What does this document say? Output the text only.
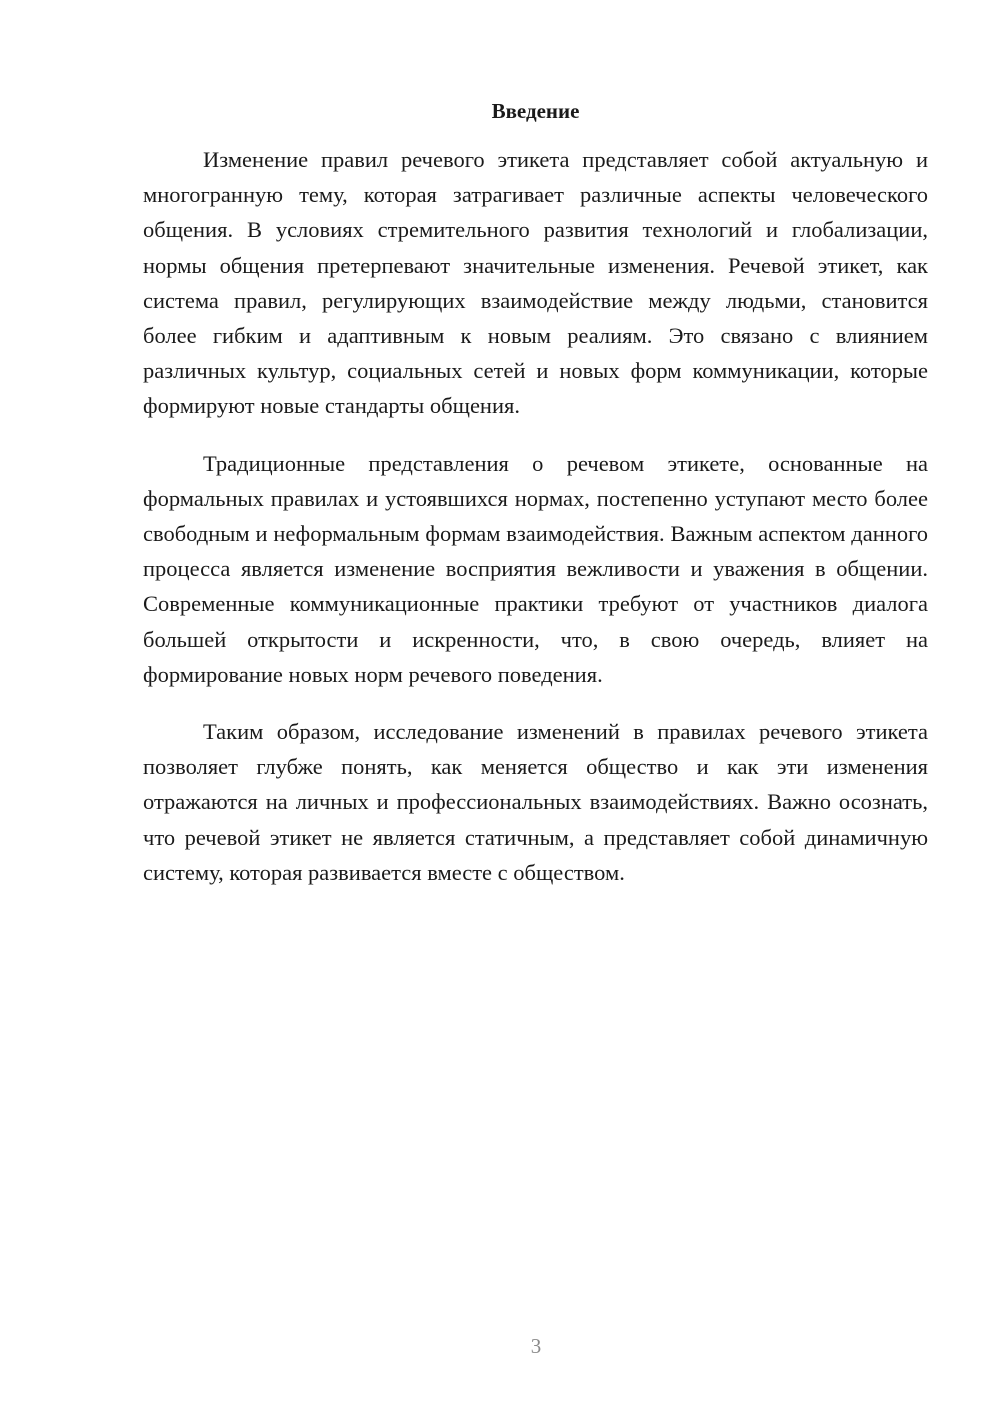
Введение

Изменение правил речевого этикета представляет собой актуальную и многогранную тему, которая затрагивает различные аспекты человеческого общения. В условиях стремительного развития технологий и глобализации, нормы общения претерпевают значительные изменения. Речевой этикет, как система правил, регулирующих взаимодействие между людьми, становится более гибким и адаптивным к новым реалиям. Это связано с влиянием различных культур, социальных сетей и новых форм коммуникации, которые формируют новые стандарты общения.

Традиционные представления о речевом этикете, основанные на формальных правилах и устоявшихся нормах, постепенно уступают место более свободным и неформальным формам взаимодействия. Важным аспектом данного процесса является изменение восприятия вежливости и уважения в общении. Современные коммуникационные практики требуют от участников диалога большей открытости и искренности, что, в свою очередь, влияет на формирование новых норм речевого поведения.

Таким образом, исследование изменений в правилах речевого этикета позволяет глубже понять, как меняется общество и как эти изменения отражаются на личных и профессиональных взаимодействиях. Важно осознать, что речевой этикет не является статичным, а представляет собой динамичную систему, которая развивается вместе с обществом.

3
